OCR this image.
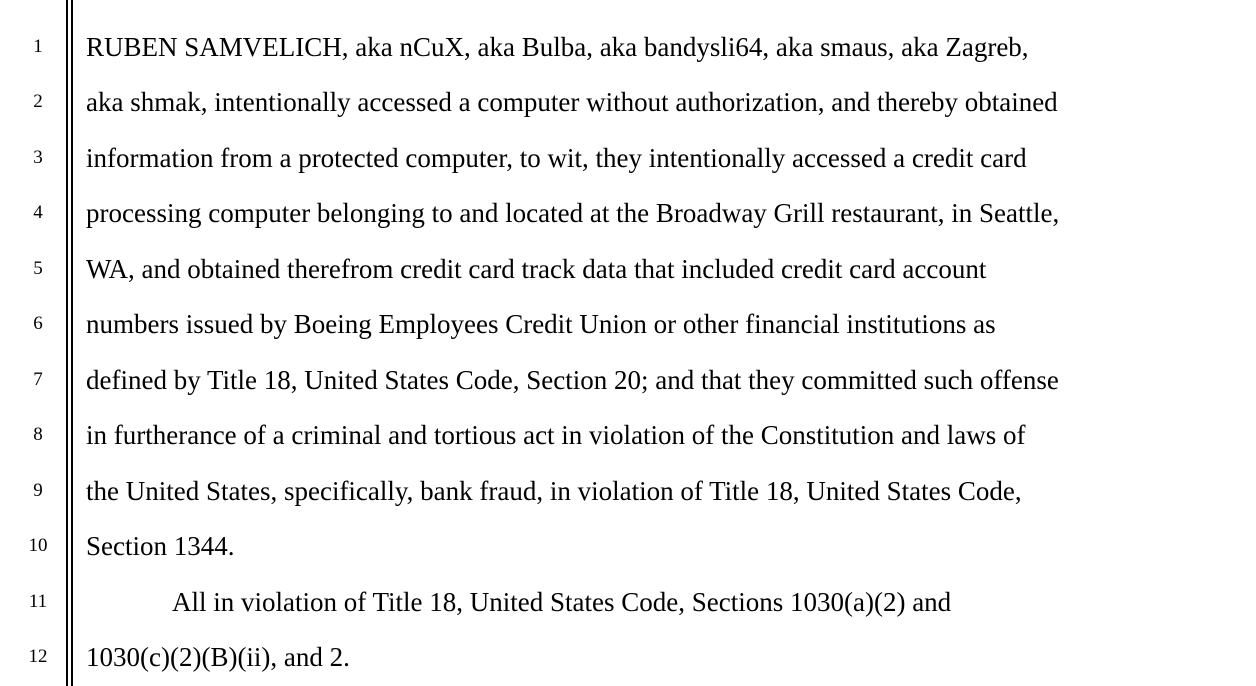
1
2
3
4
5
6
7
8
9
10
11
12
RUBEN SAMVELICH, aka nCuX, aka Bulba, aka bandysli64, aka smaus, aka Zagreb,
aka shmak, intentionally accessed a computer without authorization, and thereby obtained
information from a protected computer, to wit, they intentionally accessed a credit card
processing computer belonging to and located at the Broadway Grill restaurant, in Seattle,
WA, and obtained therefrom credit card track data that included credit card account
numbers issued by Boeing Employees Credit Union or other financial institutions as
defined by Title 18, United States Code, Section 20; and that they committed such offense
in furtherance of a criminal and tortious act in violation of the Constitution and laws of
the United States, specifically, bank fraud, in violation of Title 18, United States Code,
Section 1344.
All in violation of Title 18, United States Code, Sections 1030(a)(2) and
1030(c)(2)(B)(ii), and 2.
